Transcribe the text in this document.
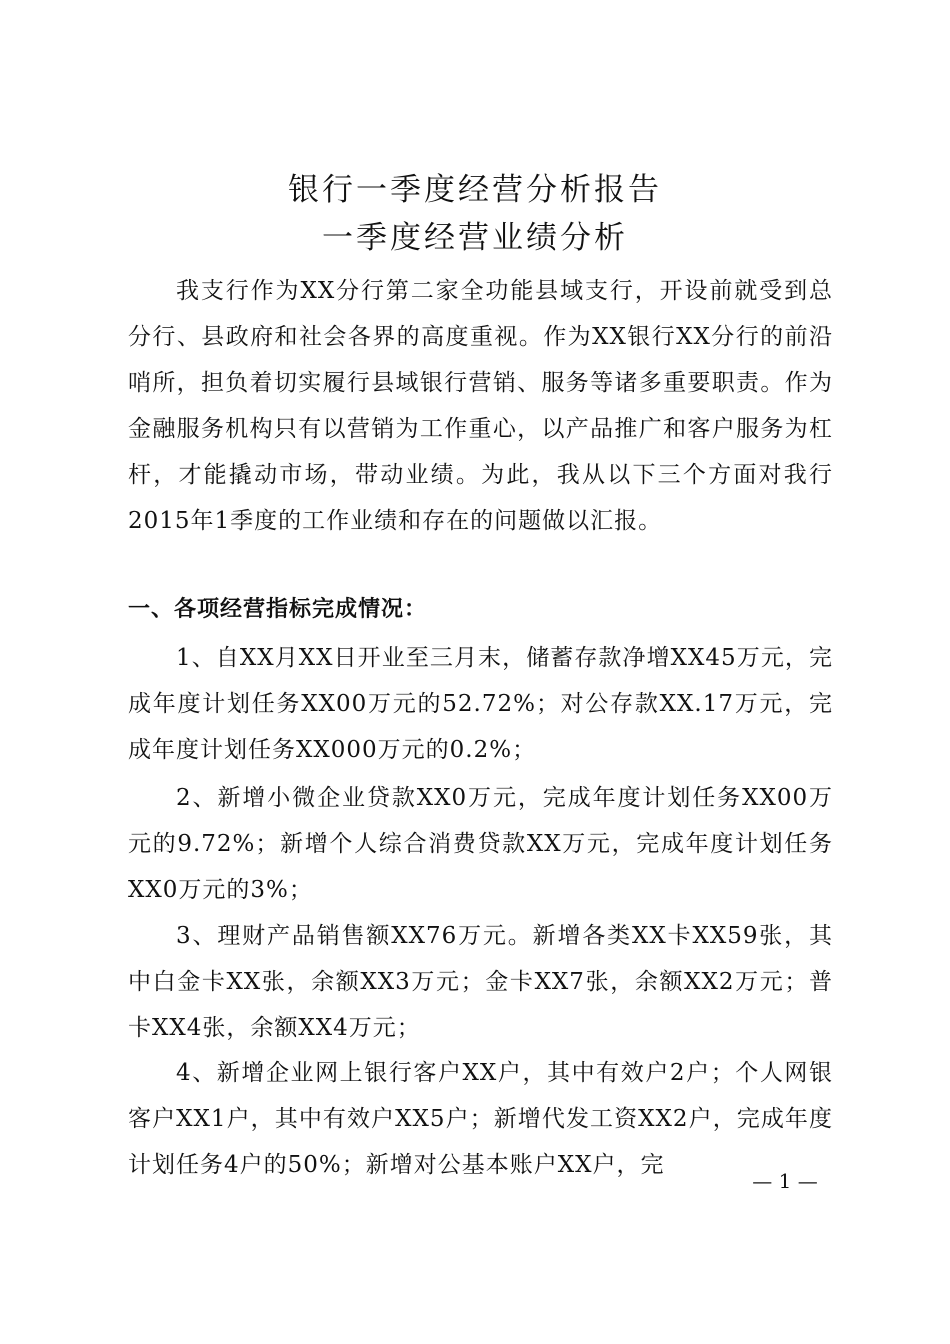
银行一季度经营分析报告
一季度经营业绩分析

我支行作为XX分行第二家全功能县域支行，开设前就受到总分行、县政府和社会各界的高度重视。作为XX银行XX分行的前沿哨所，担负着切实履行县域银行营销、服务等诸多重要职责。作为金融服务机构只有以营销为工作重心，以产品推广和客户服务为杠杆，才能撬动市场，带动业绩。为此，我从以下三个方面对我行2015年1季度的工作业绩和存在的问题做以汇报。

一、各项经营指标完成情况：

1、自XX月XX日开业至三月末，储蓄存款净增XX45万元，完成年度计划任务XX00万元的52.72%；对公存款XX.17万元，完成年度计划任务XX000万元的0.2%；

2、新增小微企业贷款XX0万元，完成年度计划任务XX00万元的9.72%；新增个人综合消费贷款XX万元，完成年度计划任务XX0万元的3%；

3、理财产品销售额XX76万元。新增各类XX卡XX59张，其中白金卡XX张，余额XX3万元；金卡XX7张，余额XX2万元；普卡XX4张，余额XX4万元；

4、新增企业网上银行客户XX户，其中有效户2户；个人网银客户XX1户，其中有效户XX5户；新增代发工资XX2户，完成年度计划任务4户的50%；新增对公基本账户XX户，完

— 1 —
